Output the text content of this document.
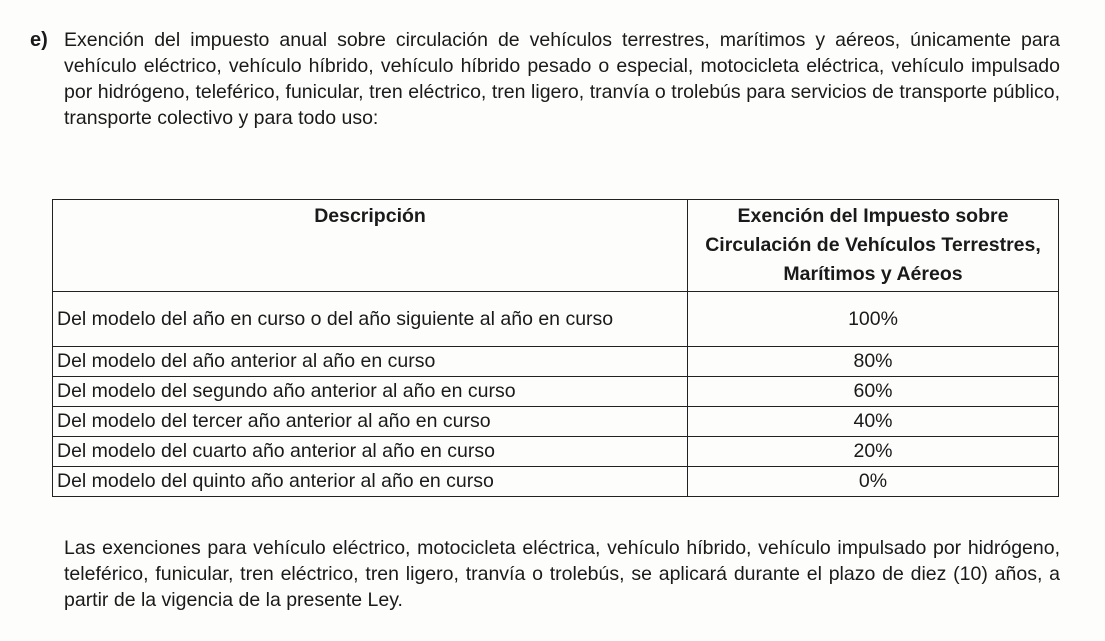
e) Exención del impuesto anual sobre circulación de vehículos terrestres, marítimos y aéreos, únicamente para vehículo eléctrico, vehículo híbrido, vehículo híbrido pesado o especial, motocicleta eléctrica, vehículo impulsado por hidrógeno, teleférico, funicular, tren eléctrico, tren ligero, tranvía o trolebús para servicios de transporte público, transporte colectivo y para todo uso:
Descripción	Exención del Impuesto sobre Circulación de Vehículos Terrestres, Marítimos y Aéreos
Del modelo del año en curso o del año siguiente al año en curso	100%
Del modelo del año anterior al año en curso	80%
Del modelo del segundo año anterior al año en curso	60%
Del modelo del tercer año anterior al año en curso	40%
Del modelo del cuarto año anterior al año en curso	20%
Del modelo del quinto año anterior al año en curso	0%
Las exenciones para vehículo eléctrico, motocicleta eléctrica, vehículo híbrido, vehículo impulsado por hidrógeno, teleférico, funicular, tren eléctrico, tren ligero, tranvía o trolebús, se aplicará durante el plazo de diez (10) años, a partir de la vigencia de la presente Ley.
